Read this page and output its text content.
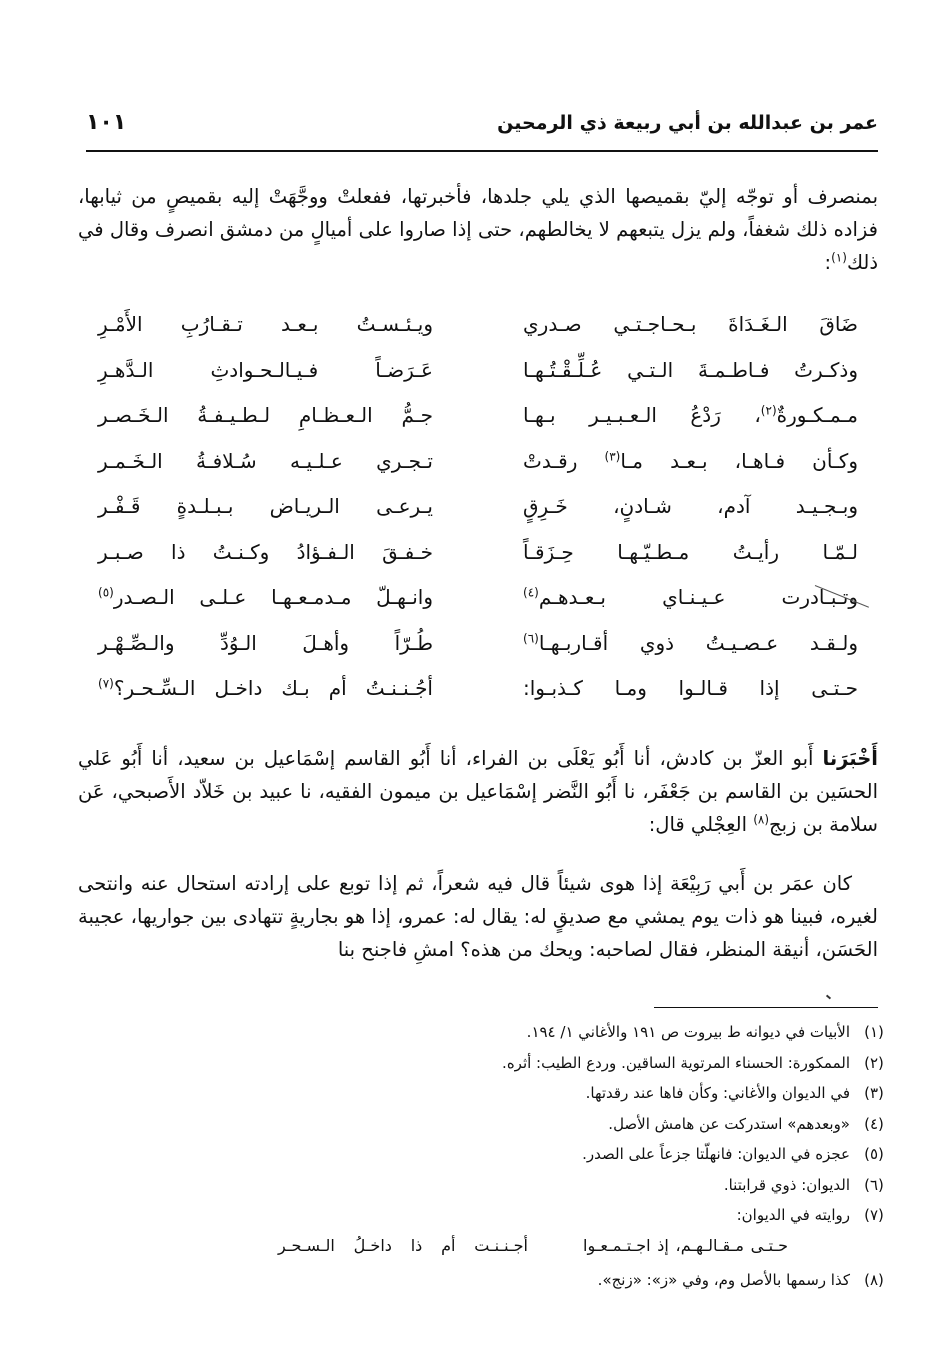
عمر بن عبدالله بن أبي ربيعة ذي الرمحين
١٠١

بمنصرف أو توجّه إليّ بقميصها الذي يلي جلدها، فأخبرتها، ففعلتْ ووجَّهَتْ إليه بقميصٍ من ثيابها، فزاده ذلك شغفاً، ولم يزل يتبعهم لا يخالطهم، حتى إذا صاروا على أميالٍ من دمشق انصرف وقال في ذلك$^{(١)}$:

ضَاقَ الـغَـدَاةَ بـحـاجـتـي صـدري
ويـئـسـتُ بـعـد تـقـارُبِ الأَمْـرِ
وذكـرتُ فـاطـمـةَ الـتـي عُـلِّـقْـتُـهـا
عَـرَضـاً فـيـالـحـوادثِ الـدَّهـرِ
مـمـكـورةٌ$^{(٢)}$، رَدْعُ الـعـبـيـر بـهـا
جـمُّ الـعـظـامِ لـطـيـفـةُ الـخَـصـر
وكـأن فـاهـا، بـعـد مـا$^{(٣)}$ رقـدتْ
تـجـري عـلـيـه سُـلافـةُ الـخَـمـر
وبـجـيـد آدم، شـادنٍ، خَـرِقٍ
يـرعـى الـريـاض بـبـلـدةٍ قَـفْـر
لـمّـا رأيـتُ مـطـيّـهـا حِـزَقـاً
خـفـقَ الـفـؤادُ وكـنـتُ ذا صـبـر
وتـبـادرت عـيـنـاي بـعـدهـم$^{(٤)}$
وانـهـلّ مـدمـعـهـا عـلـى الـصـدر$^{(٥)}$
ولـقـد عـصـيـتُ ذوي أقـاربـهـا$^{(٦)}$
طُـرّاً وأهـلَ الـوُدِّ والـصِّـهْـر
حـتـى إذا قـالـوا ومـا كـذبـوا:
أجُـنـنـتُ أم بـك داخـل الـسِّـحـر؟$^{(٧)}$

أَخْبَرَنا أَبو العزّ بن كادش، أنا أَبُو يَعْلَى بن الفراء، أنا أَبُو القاسم إسْمَاعيل بن سعيد، أنا أَبُو عَلي الحسَين بن القاسم بن جَعْفَر، نا أَبُو النَّضر إسْمَاعيل بن ميمون الفقيه، نا عبيد بن خَلاّد الأَصبحي، عَن سلامة بن زبج$^{(٨)}$ العِجْلي قال:

كان عمَر بن أَبي رَبِيْعَة إذا هوى شيئاً قال فيه شعراً، ثم إذا توبع على إرادته استحال عنه وانتحى لغيره، فبينا هو ذات يوم يمشي مع صديقٍ له: يقال له: عمرو، إذا هو بجاريةٍ تتهادى بين جواريها، عجيبة الحَسَن، أنيقة المنظر، فقال لصاحبه: ويحك من هذه؟ امشِ فاجنح بنا

(١)الأبيات في ديوانه ط بيروت ص ١٩١ والأغاني ١/ ١٩٤.
(٢)الممكورة: الحسناء المرتوية الساقين. وردع الطيب: أثره.
(٣)في الديوان والأغاني: وكأن فاها عند رقدتها.
(٤)«وبعدهم» استدركت عن هامش الأصل.
(٥)عجزه في الديوان: فانهلّتا جزعاً على الصدر.
(٦)الديوان: ذوي قرابتنا.
(٧)روايته في الديوان:
حـتـى مـقـالـهـم، إذ اجـتـمـعـوا
أجـنـنـت أم ذا داخـلُ الـسـحـر
(٨)كذا رسمها بالأصل وم، وفي «ز»: «زنج».
